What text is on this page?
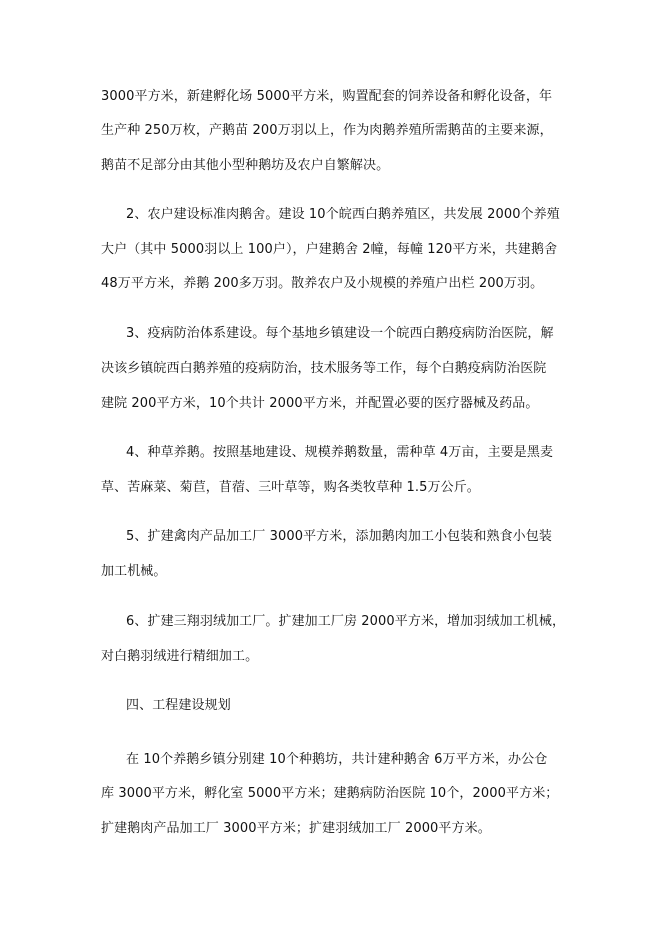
3000平方米，新建孵化场 5000平方米，购置配套的饲养设备和孵化设备，年
生产种 250万枚，产鹅苗 200万羽以上，作为肉鹅养殖所需鹅苗的主要来源，
鹅苗不足部分由其他小型种鹅坊及农户自繁解决。
2、农户建设标准肉鹅舍。建设 10个皖西白鹅养殖区，共发展 2000个养殖
大户（其中 5000羽以上 100户），户建鹅舍 2幢，每幢 120平方米，共建鹅舍
48万平方米，养鹅 200多万羽。散养农户及小规模的养殖户出栏 200万羽。
3、疫病防治体系建设。每个基地乡镇建设一个皖西白鹅疫病防治医院，解
决该乡镇皖西白鹅养殖的疫病防治，技术服务等工作，每个白鹅疫病防治医院
建院 200平方米，10个共计 2000平方米，并配置必要的医疗器械及药品。
4、种草养鹅。按照基地建设、规模养鹅数量，需种草 4万亩，主要是黑麦
草、苦麻菜、菊苣，苜蓿、三叶草等，购各类牧草种 1.5万公斤。
5、扩建禽肉产品加工厂 3000平方米，添加鹅肉加工小包装和熟食小包装
加工机械。
6、扩建三翔羽绒加工厂。扩建加工厂房 2000平方米，增加羽绒加工机械，
对白鹅羽绒进行精细加工。
四、工程建设规划
在 10个养鹅乡镇分别建 10个种鹅坊，共计建种鹅舍 6万平方米，办公仓
库 3000平方米，孵化室 5000平方米；建鹅病防治医院 10个，2000平方米；
扩建鹅肉产品加工厂 3000平方米；扩建羽绒加工厂 2000平方米。
